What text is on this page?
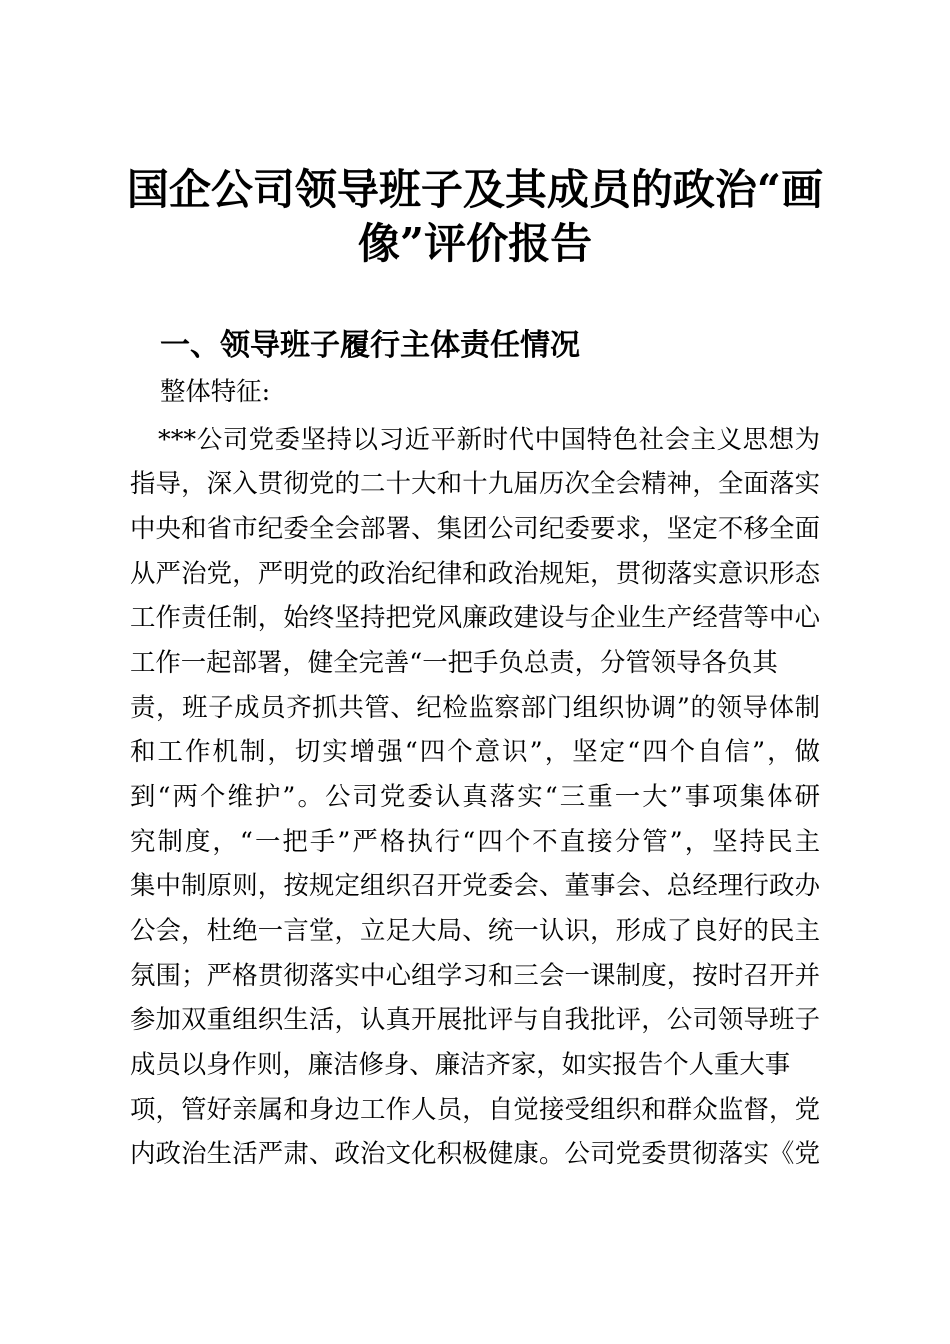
国企公司领导班子及其成员的政治“画
像”评价报告
一、领导班子履行主体责任情况
整体特征:
***公司党委坚持以习近平新时代中国特色社会主义思想为
指导，深入贯彻党的二十大和十九届历次全会精神，全面落实
中央和省市纪委全会部署、集团公司纪委要求，坚定不移全面
从严治党，严明党的政治纪律和政治规矩，贯彻落实意识形态
工作责任制，始终坚持把党风廉政建设与企业生产经营等中心
工作一起部署，健全完善“一把手负总责，分管领导各负其
责，班子成员齐抓共管、纪检监察部门组织协调”的领导体制
和工作机制，切实增强“四个意识”，坚定“四个自信”，做
到“两个维护”。公司党委认真落实“三重一大”事项集体研
究制度，“一把手”严格执行“四个不直接分管”，坚持民主
集中制原则，按规定组织召开党委会、董事会、总经理行政办
公会，杜绝一言堂，立足大局、统一认识，形成了良好的民主
氛围；严格贯彻落实中心组学习和三会一课制度，按时召开并
参加双重组织生活，认真开展批评与自我批评，公司领导班子
成员以身作则，廉洁修身、廉洁齐家，如实报告个人重大事
项，管好亲属和身边工作人员，自觉接受组织和群众监督，党
内政治生活严肃、政治文化积极健康。公司党委贯彻落实《党
